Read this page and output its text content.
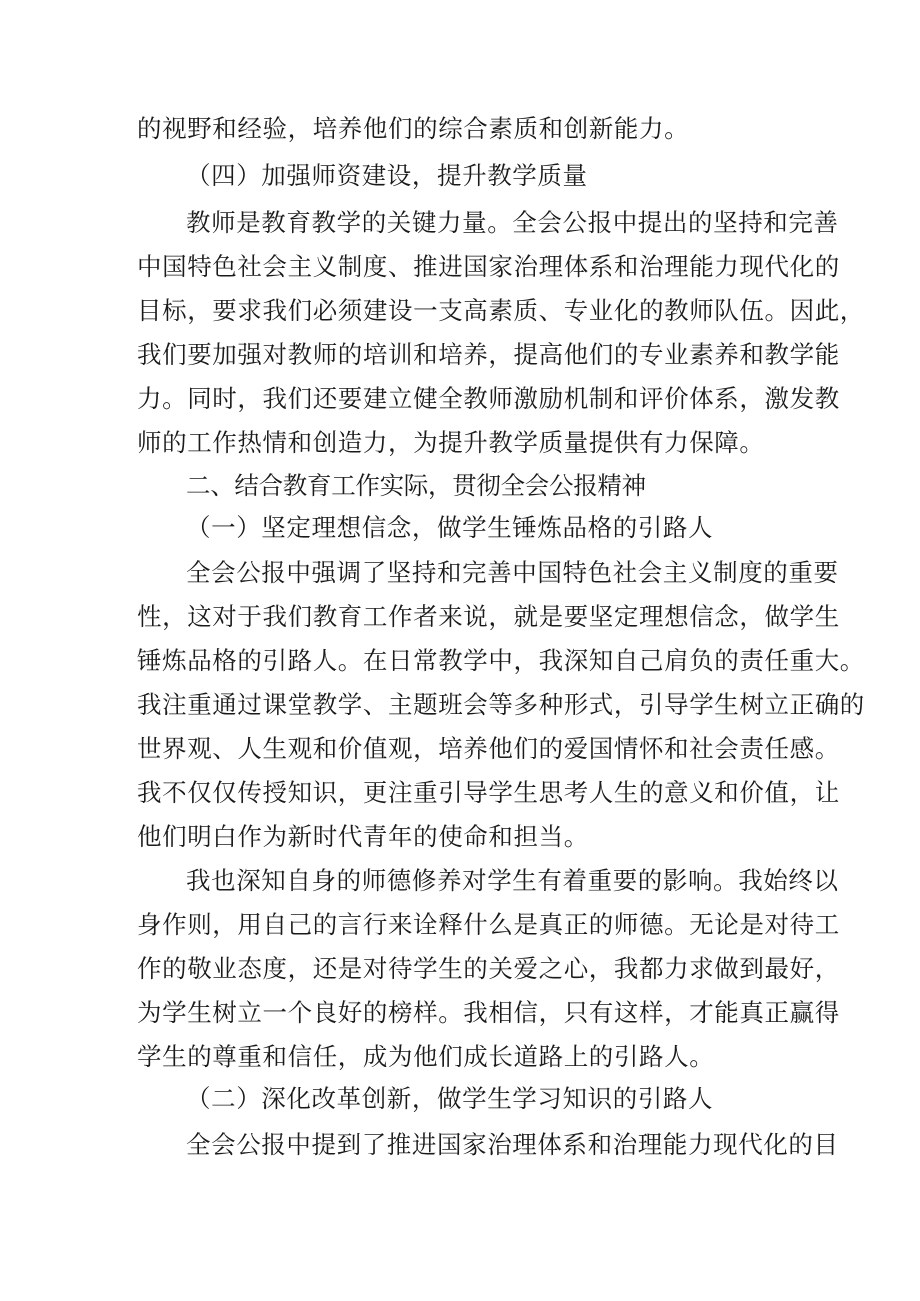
的视野和经验，培养他们的综合素质和创新能力。
（四）加强师资建设，提升教学质量
教师是教育教学的关键力量。全会公报中提出的坚持和完善
中国特色社会主义制度、推进国家治理体系和治理能力现代化的
目标，要求我们必须建设一支高素质、专业化的教师队伍。因此，
我们要加强对教师的培训和培养，提高他们的专业素养和教学能
力。同时，我们还要建立健全教师激励机制和评价体系，激发教
师的工作热情和创造力，为提升教学质量提供有力保障。
二、结合教育工作实际，贯彻全会公报精神
（一）坚定理想信念，做学生锤炼品格的引路人
全会公报中强调了坚持和完善中国特色社会主义制度的重要
性，这对于我们教育工作者来说，就是要坚定理想信念，做学生
锤炼品格的引路人。在日常教学中，我深知自己肩负的责任重大。
我注重通过课堂教学、主题班会等多种形式，引导学生树立正确的
世界观、人生观和价值观，培养他们的爱国情怀和社会责任感。
我不仅仅传授知识，更注重引导学生思考人生的意义和价值，让
他们明白作为新时代青年的使命和担当。
我也深知自身的师德修养对学生有着重要的影响。我始终以
身作则，用自己的言行来诠释什么是真正的师德。无论是对待工
作的敬业态度，还是对待学生的关爱之心，我都力求做到最好，
为学生树立一个良好的榜样。我相信，只有这样，才能真正赢得
学生的尊重和信任，成为他们成长道路上的引路人。
（二）深化改革创新，做学生学习知识的引路人
全会公报中提到了推进国家治理体系和治理能力现代化的目
